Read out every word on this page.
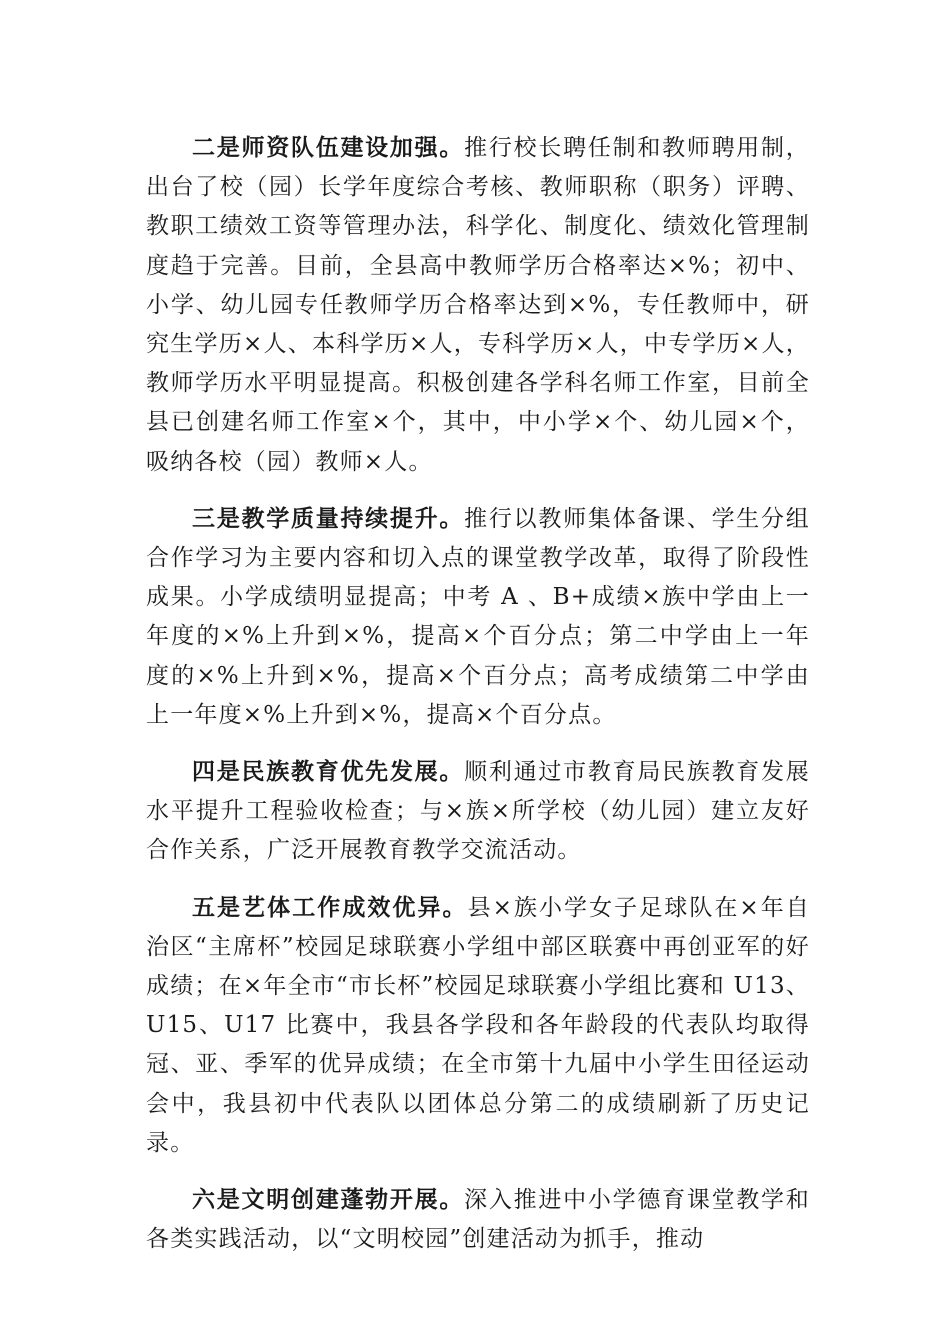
二是师资队伍建设加强。推行校长聘任制和教师聘用制，出台了校（园）长学年度综合考核、教师职称（职务）评聘、教职工绩效工资等管理办法，科学化、制度化、绩效化管理制度趋于完善。目前，全县高中教师学历合格率达×%；初中、小学、幼儿园专任教师学历合格率达到×%，专任教师中，研究生学历×人、本科学历×人，专科学历×人，中专学历×人，教师学历水平明显提高。积极创建各学科名师工作室，目前全县已创建名师工作室×个，其中，中小学×个、幼儿园×个，吸纳各校（园）教师×人。

三是教学质量持续提升。推行以教师集体备课、学生分组合作学习为主要内容和切入点的课堂教学改革，取得了阶段性成果。小学成绩明显提高；中考 A 、B+成绩×族中学由上一年度的×%上升到×%，提高×个百分点；第二中学由上一年度的×%上升到×%，提高×个百分点；高考成绩第二中学由上一年度×%上升到×%，提高×个百分点。

四是民族教育优先发展。顺利通过市教育局民族教育发展水平提升工程验收检查；与×族×所学校（幼儿园）建立友好合作关系，广泛开展教育教学交流活动。

五是艺体工作成效优异。县×族小学女子足球队在×年自治区“主席杯”校园足球联赛小学组中部区联赛中再创亚军的好成绩；在×年全市“市长杯”校园足球联赛小学组比赛和 U13、U15、U17 比赛中，我县各学段和各年龄段的代表队均取得冠、亚、季军的优异成绩；在全市第十九届中小学生田径运动会中，我县初中代表队以团体总分第二的成绩刷新了历史记录。

六是文明创建蓬勃开展。深入推进中小学德育课堂教学和各类实践活动，以“文明校园”创建活动为抓手，推动
